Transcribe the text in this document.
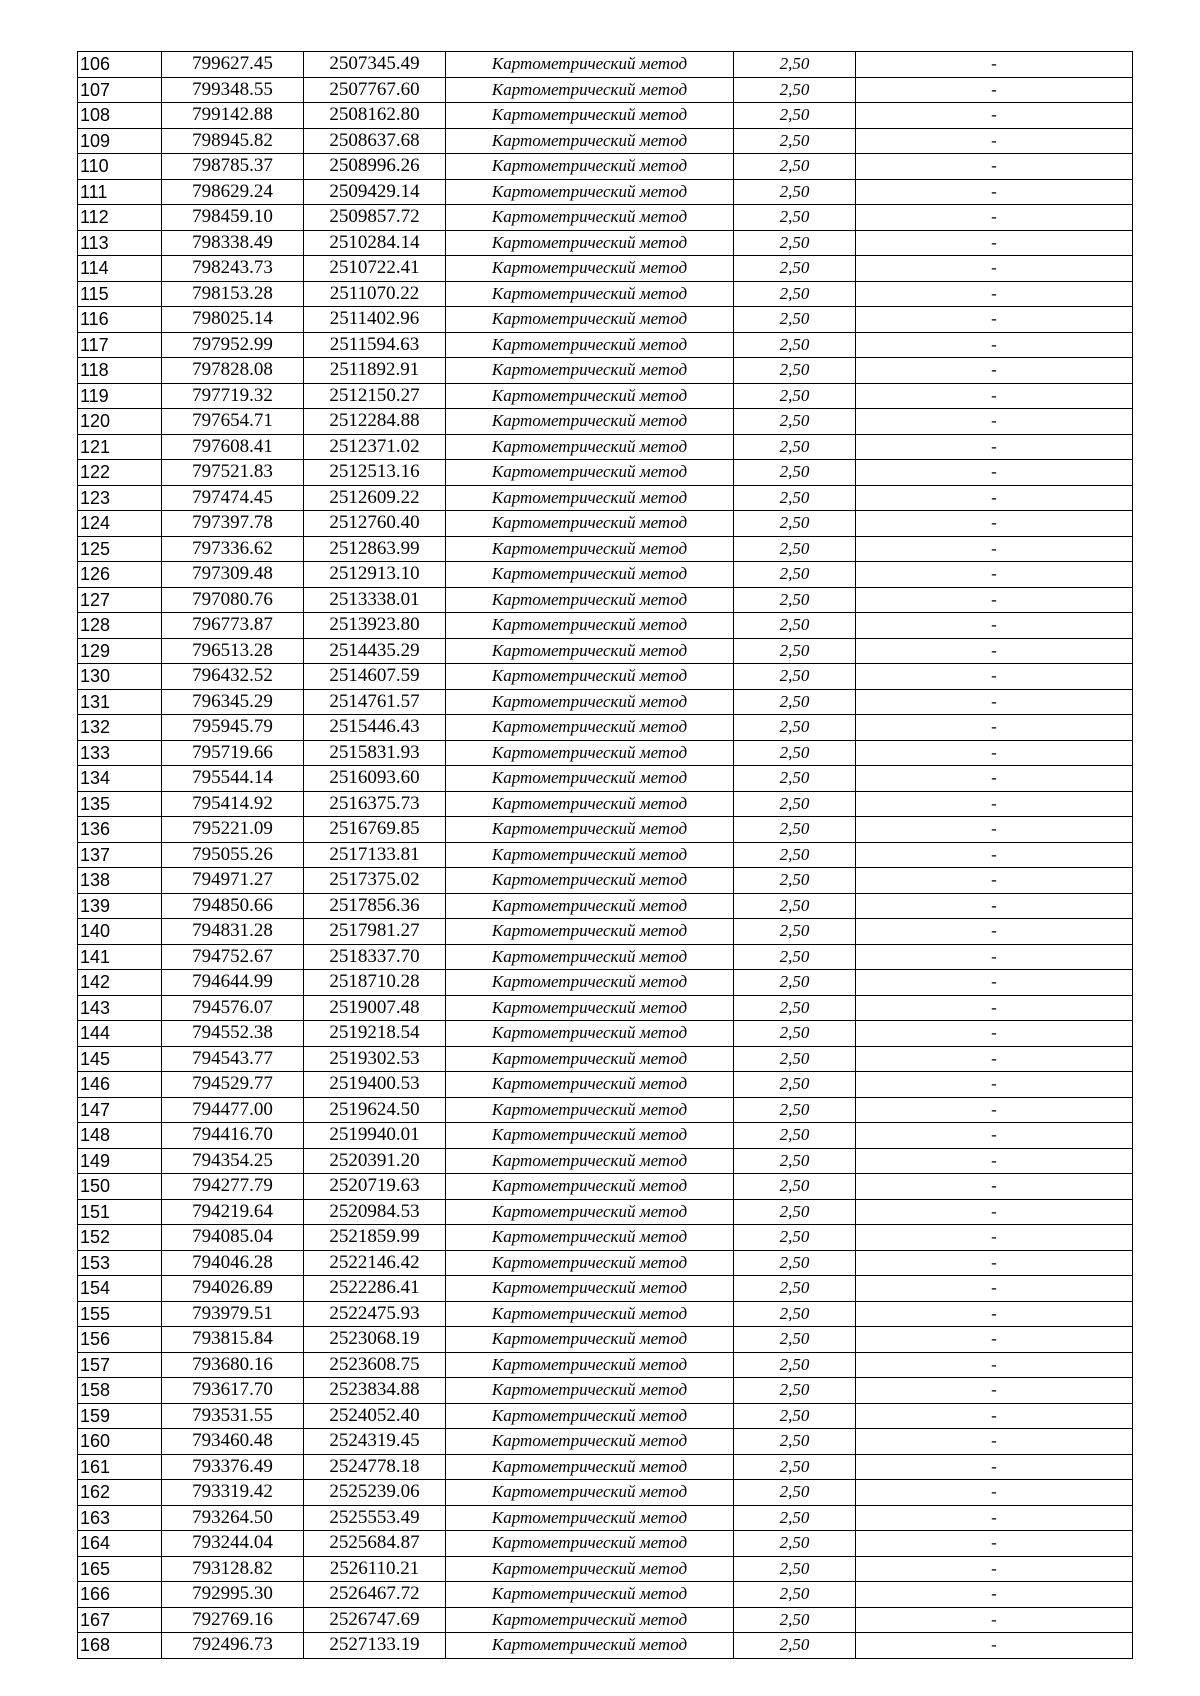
106	799627.45	2507345.49	Картометрический метод	2,50	-
107	799348.55	2507767.60	Картометрический метод	2,50	-
108	799142.88	2508162.80	Картометрический метод	2,50	-
109	798945.82	2508637.68	Картометрический метод	2,50	-
110	798785.37	2508996.26	Картометрический метод	2,50	-
111	798629.24	2509429.14	Картометрический метод	2,50	-
112	798459.10	2509857.72	Картометрический метод	2,50	-
113	798338.49	2510284.14	Картометрический метод	2,50	-
114	798243.73	2510722.41	Картометрический метод	2,50	-
115	798153.28	2511070.22	Картометрический метод	2,50	-
116	798025.14	2511402.96	Картометрический метод	2,50	-
117	797952.99	2511594.63	Картометрический метод	2,50	-
118	797828.08	2511892.91	Картометрический метод	2,50	-
119	797719.32	2512150.27	Картометрический метод	2,50	-
120	797654.71	2512284.88	Картометрический метод	2,50	-
121	797608.41	2512371.02	Картометрический метод	2,50	-
122	797521.83	2512513.16	Картометрический метод	2,50	-
123	797474.45	2512609.22	Картометрический метод	2,50	-
124	797397.78	2512760.40	Картометрический метод	2,50	-
125	797336.62	2512863.99	Картометрический метод	2,50	-
126	797309.48	2512913.10	Картометрический метод	2,50	-
127	797080.76	2513338.01	Картометрический метод	2,50	-
128	796773.87	2513923.80	Картометрический метод	2,50	-
129	796513.28	2514435.29	Картометрический метод	2,50	-
130	796432.52	2514607.59	Картометрический метод	2,50	-
131	796345.29	2514761.57	Картометрический метод	2,50	-
132	795945.79	2515446.43	Картометрический метод	2,50	-
133	795719.66	2515831.93	Картометрический метод	2,50	-
134	795544.14	2516093.60	Картометрический метод	2,50	-
135	795414.92	2516375.73	Картометрический метод	2,50	-
136	795221.09	2516769.85	Картометрический метод	2,50	-
137	795055.26	2517133.81	Картометрический метод	2,50	-
138	794971.27	2517375.02	Картометрический метод	2,50	-
139	794850.66	2517856.36	Картометрический метод	2,50	-
140	794831.28	2517981.27	Картометрический метод	2,50	-
141	794752.67	2518337.70	Картометрический метод	2,50	-
142	794644.99	2518710.28	Картометрический метод	2,50	-
143	794576.07	2519007.48	Картометрический метод	2,50	-
144	794552.38	2519218.54	Картометрический метод	2,50	-
145	794543.77	2519302.53	Картометрический метод	2,50	-
146	794529.77	2519400.53	Картометрический метод	2,50	-
147	794477.00	2519624.50	Картометрический метод	2,50	-
148	794416.70	2519940.01	Картометрический метод	2,50	-
149	794354.25	2520391.20	Картометрический метод	2,50	-
150	794277.79	2520719.63	Картометрический метод	2,50	-
151	794219.64	2520984.53	Картометрический метод	2,50	-
152	794085.04	2521859.99	Картометрический метод	2,50	-
153	794046.28	2522146.42	Картометрический метод	2,50	-
154	794026.89	2522286.41	Картометрический метод	2,50	-
155	793979.51	2522475.93	Картометрический метод	2,50	-
156	793815.84	2523068.19	Картометрический метод	2,50	-
157	793680.16	2523608.75	Картометрический метод	2,50	-
158	793617.70	2523834.88	Картометрический метод	2,50	-
159	793531.55	2524052.40	Картометрический метод	2,50	-
160	793460.48	2524319.45	Картометрический метод	2,50	-
161	793376.49	2524778.18	Картометрический метод	2,50	-
162	793319.42	2525239.06	Картометрический метод	2,50	-
163	793264.50	2525553.49	Картометрический метод	2,50	-
164	793244.04	2525684.87	Картометрический метод	2,50	-
165	793128.82	2526110.21	Картометрический метод	2,50	-
166	792995.30	2526467.72	Картометрический метод	2,50	-
167	792769.16	2526747.69	Картометрический метод	2,50	-
168	792496.73	2527133.19	Картометрический метод	2,50	-
